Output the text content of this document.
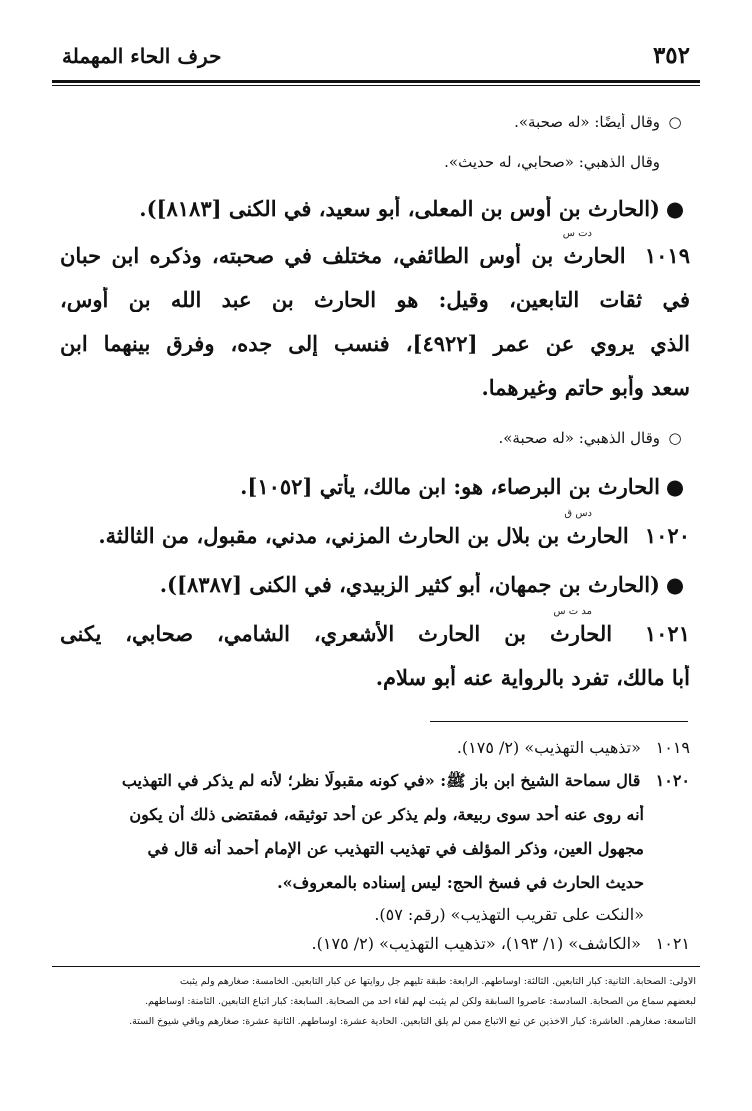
٣٥٢
حرف الحاء المهملة
○وقال أيضًا: «له صحبة».
وقال الذهبي: «صحابي، له حديث».
●(الحارث بن أوس بن المعلى، أبو سعيد، في الكنى [٨١٨٣]).
دت س
١٠١٩ الحارث بن أوس الطائفي، مختلف في صحبته، وذكره ابن حبان
في ثقات التابعين، وقيل: هو الحارث بن عبد الله بن أوس،
الذي يروي عن عمر [٤٩٢٢]، فنسب إلى جده، وفرق بينهما ابن
سعد وأبو حاتم وغيرهما.
○وقال الذهبي: «له صحبة».
●الحارث بن البرصاء، هو: ابن مالك، يأتي [١٠٥٢].
دس ق
١٠٢٠ الحارث بن بلال بن الحارث المزني، مدني، مقبول، من الثالثة.
●(الحارث بن جمهان، أبو كثير الزبيدي، في الكنى [٨٣٨٧]).
مد ت س
١٠٢١ الحارث بن الحارث الأشعري، الشامي، صحابي، يكنى
أبا مالك، تفرد بالرواية عنه أبو سلام.
١٠١٩ «تذهيب التهذيب» (٢/ ١٧٥).
١٠٢٠ قال سماحة الشيخ ابن باز ﷺ: «في كونه مقبولًا نظر؛ لأنه لم يذكر في التهذيب
أنه روى عنه أحد سوى ربيعة، ولم يذكر عن أحد توثيقه، فمقتضى ذلك أن يكون
مجهول العين، وذكر المؤلف في تهذيب التهذيب عن الإمام أحمد أنه قال في
حديث الحارث في فسخ الحج: ليس إسناده بالمعروف».
«النكت على تقريب التهذيب» (رقم: ٥٧).
١٠٢١ «الكاشف» (١/ ١٩٣)، «تذهيب التهذيب» (٢/ ١٧٥).
الأولى: الصحابة. الثانية: كبار التابعين. الثالثة: أوساطهم. الرابعة: طبقة تليهم جل روايتها عن كبار التابعين. الخامسة: صغارهم ولم يثبت
لبعضهم سماع من الصحابة. السادسة: عاصروا السابقة ولكن لم يثبت لهم لقاء أحد من الصحابة. السابعة: كبار أتباع التابعين. الثامنة: أوساطهم.
التاسعة: صغارهم. العاشرة: كبار الآخذين عن تبع الأتباع ممن لم يلق التابعين. الحادية عشرة: أوساطهم. الثانية عشرة: صغارهم وباقي شيوخ الستة.
